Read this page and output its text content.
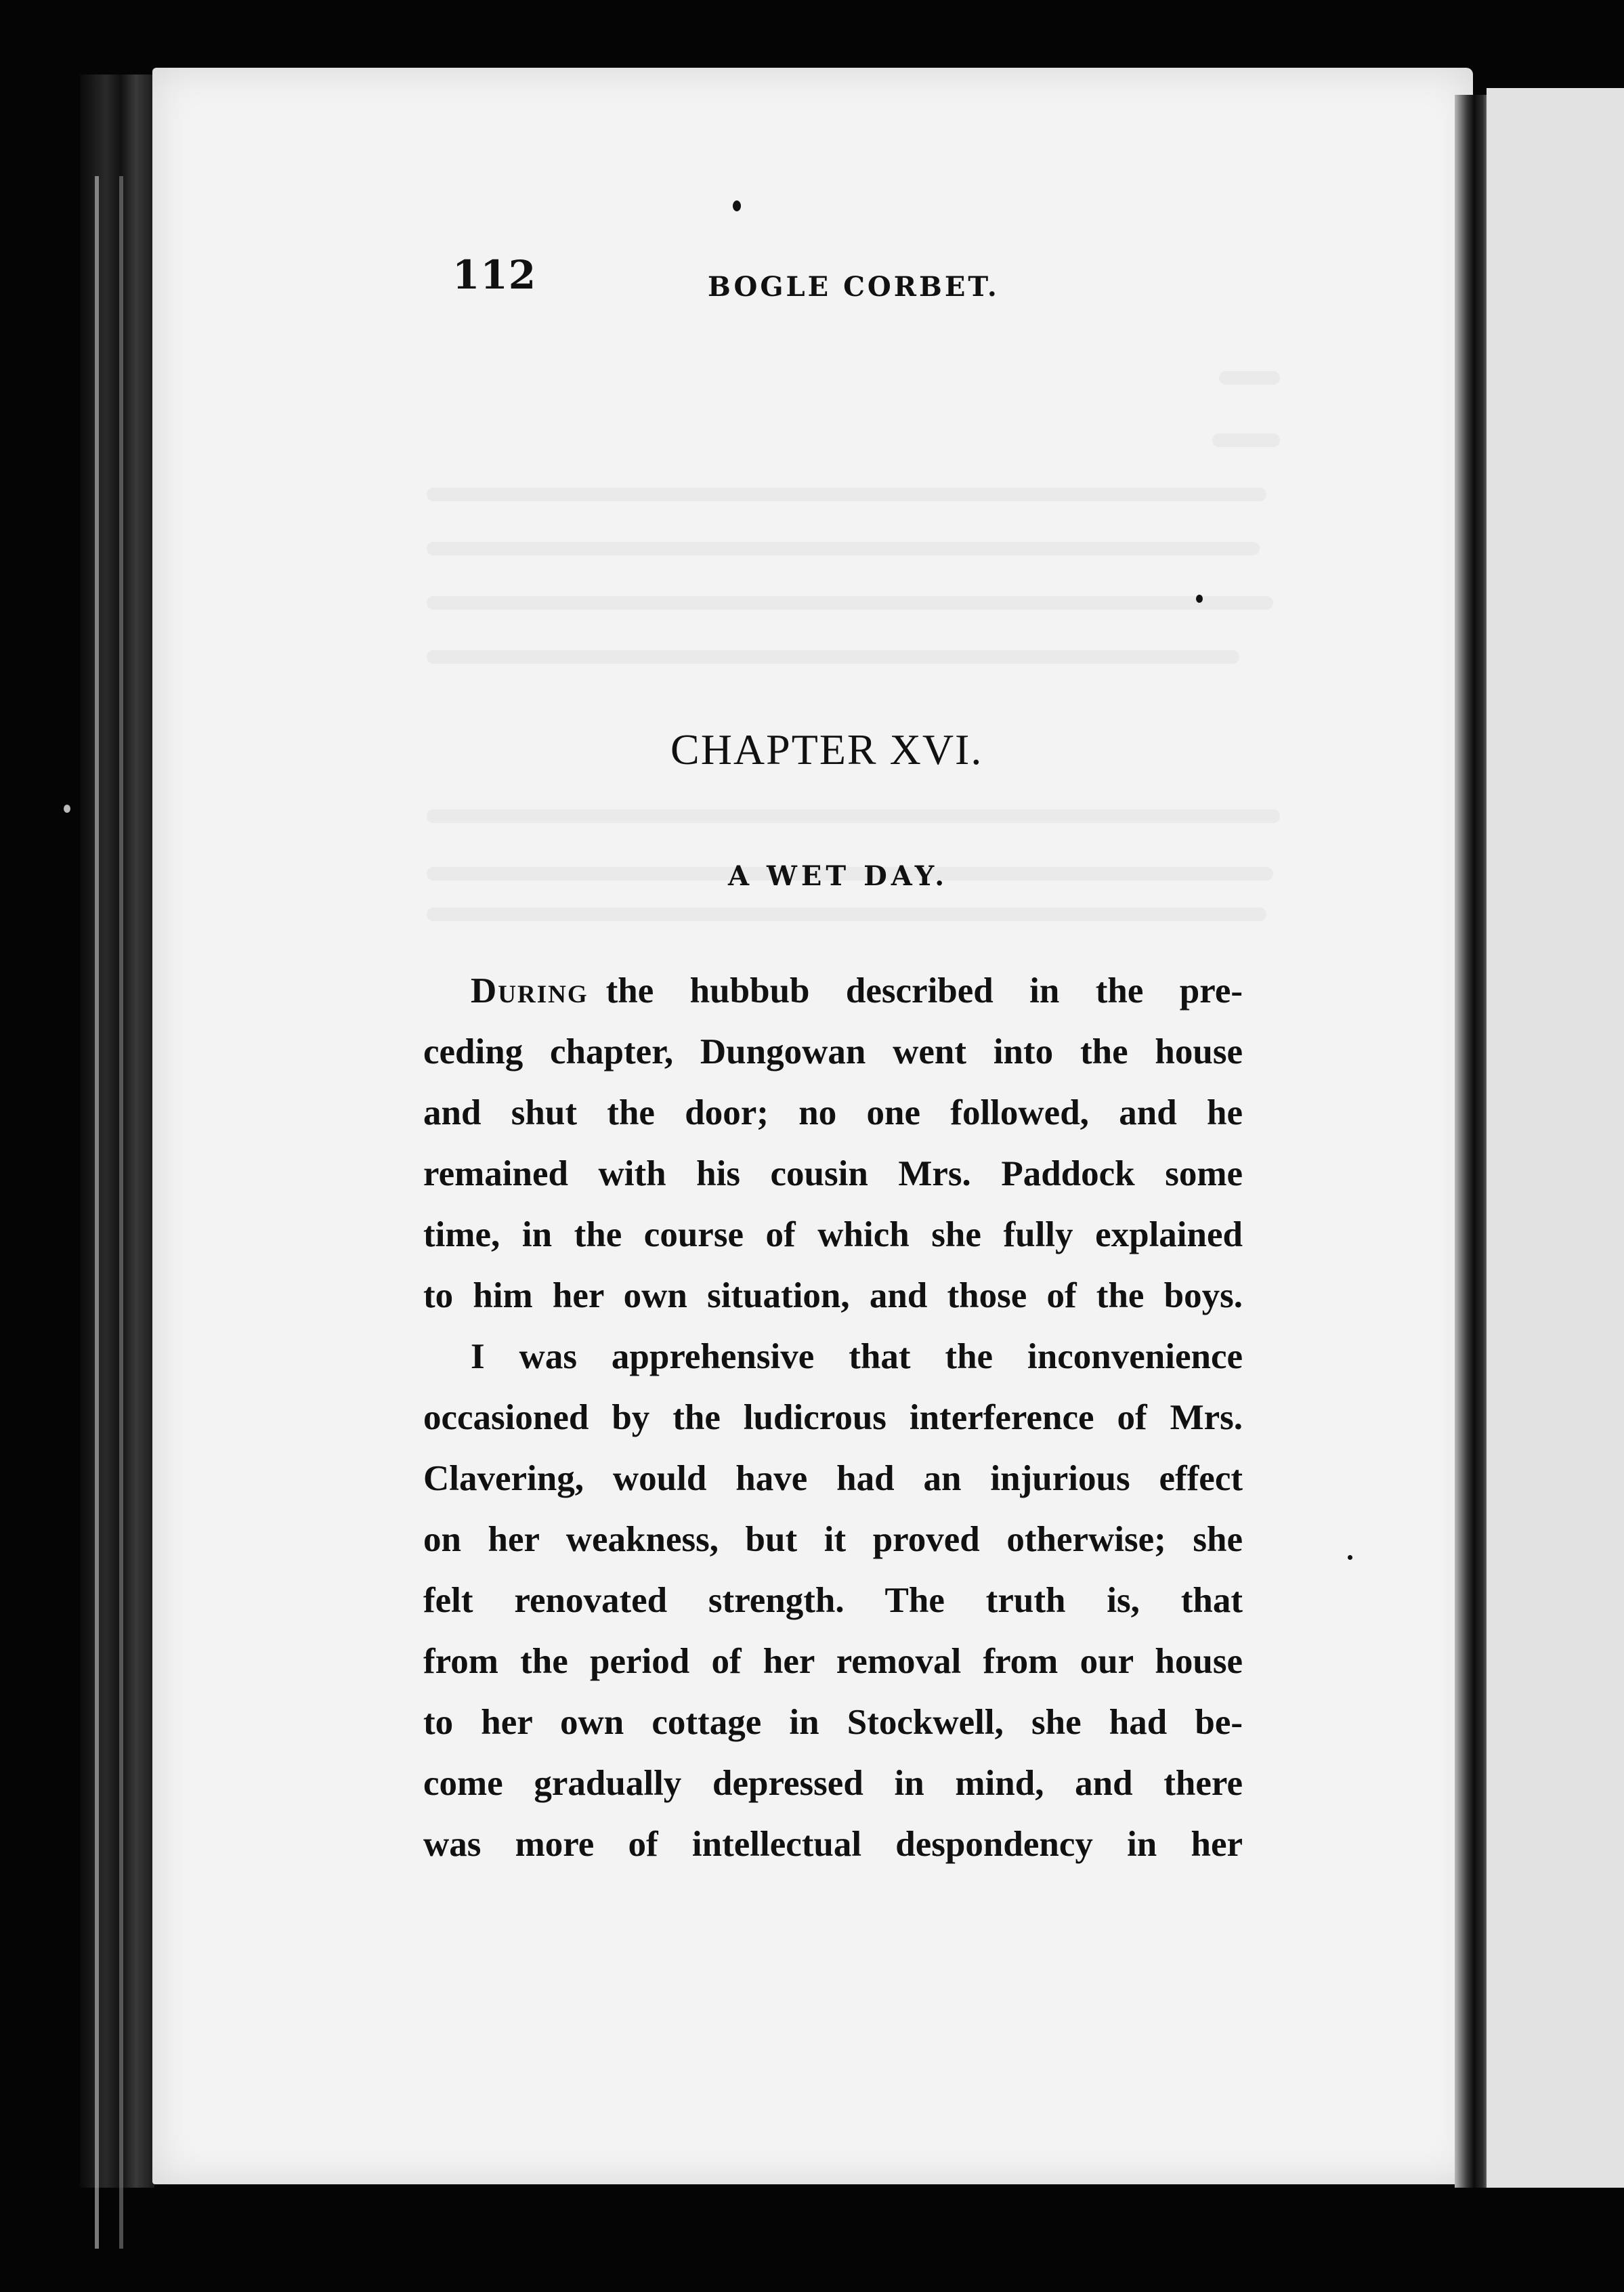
112	BOGLE CORBET.
CHAPTER XVI.
A WET DAY.
During the hubbub described in the pre-
ceding chapter, Dungowan went into the house
and shut the door; no one followed, and he
remained with his cousin Mrs. Paddock some
time, in the course of which she fully explained
to him her own situation, and those of the boys.
I was apprehensive that the inconvenience
occasioned by the ludicrous interference of Mrs.
Clavering, would have had an injurious effect
on her weakness, but it proved otherwise; she
felt renovated strength. The truth is, that
from the period of her removal from our house
to her own cottage in Stockwell, she had be-
come gradually depressed in mind, and there
was more of intellectual despondency in her
